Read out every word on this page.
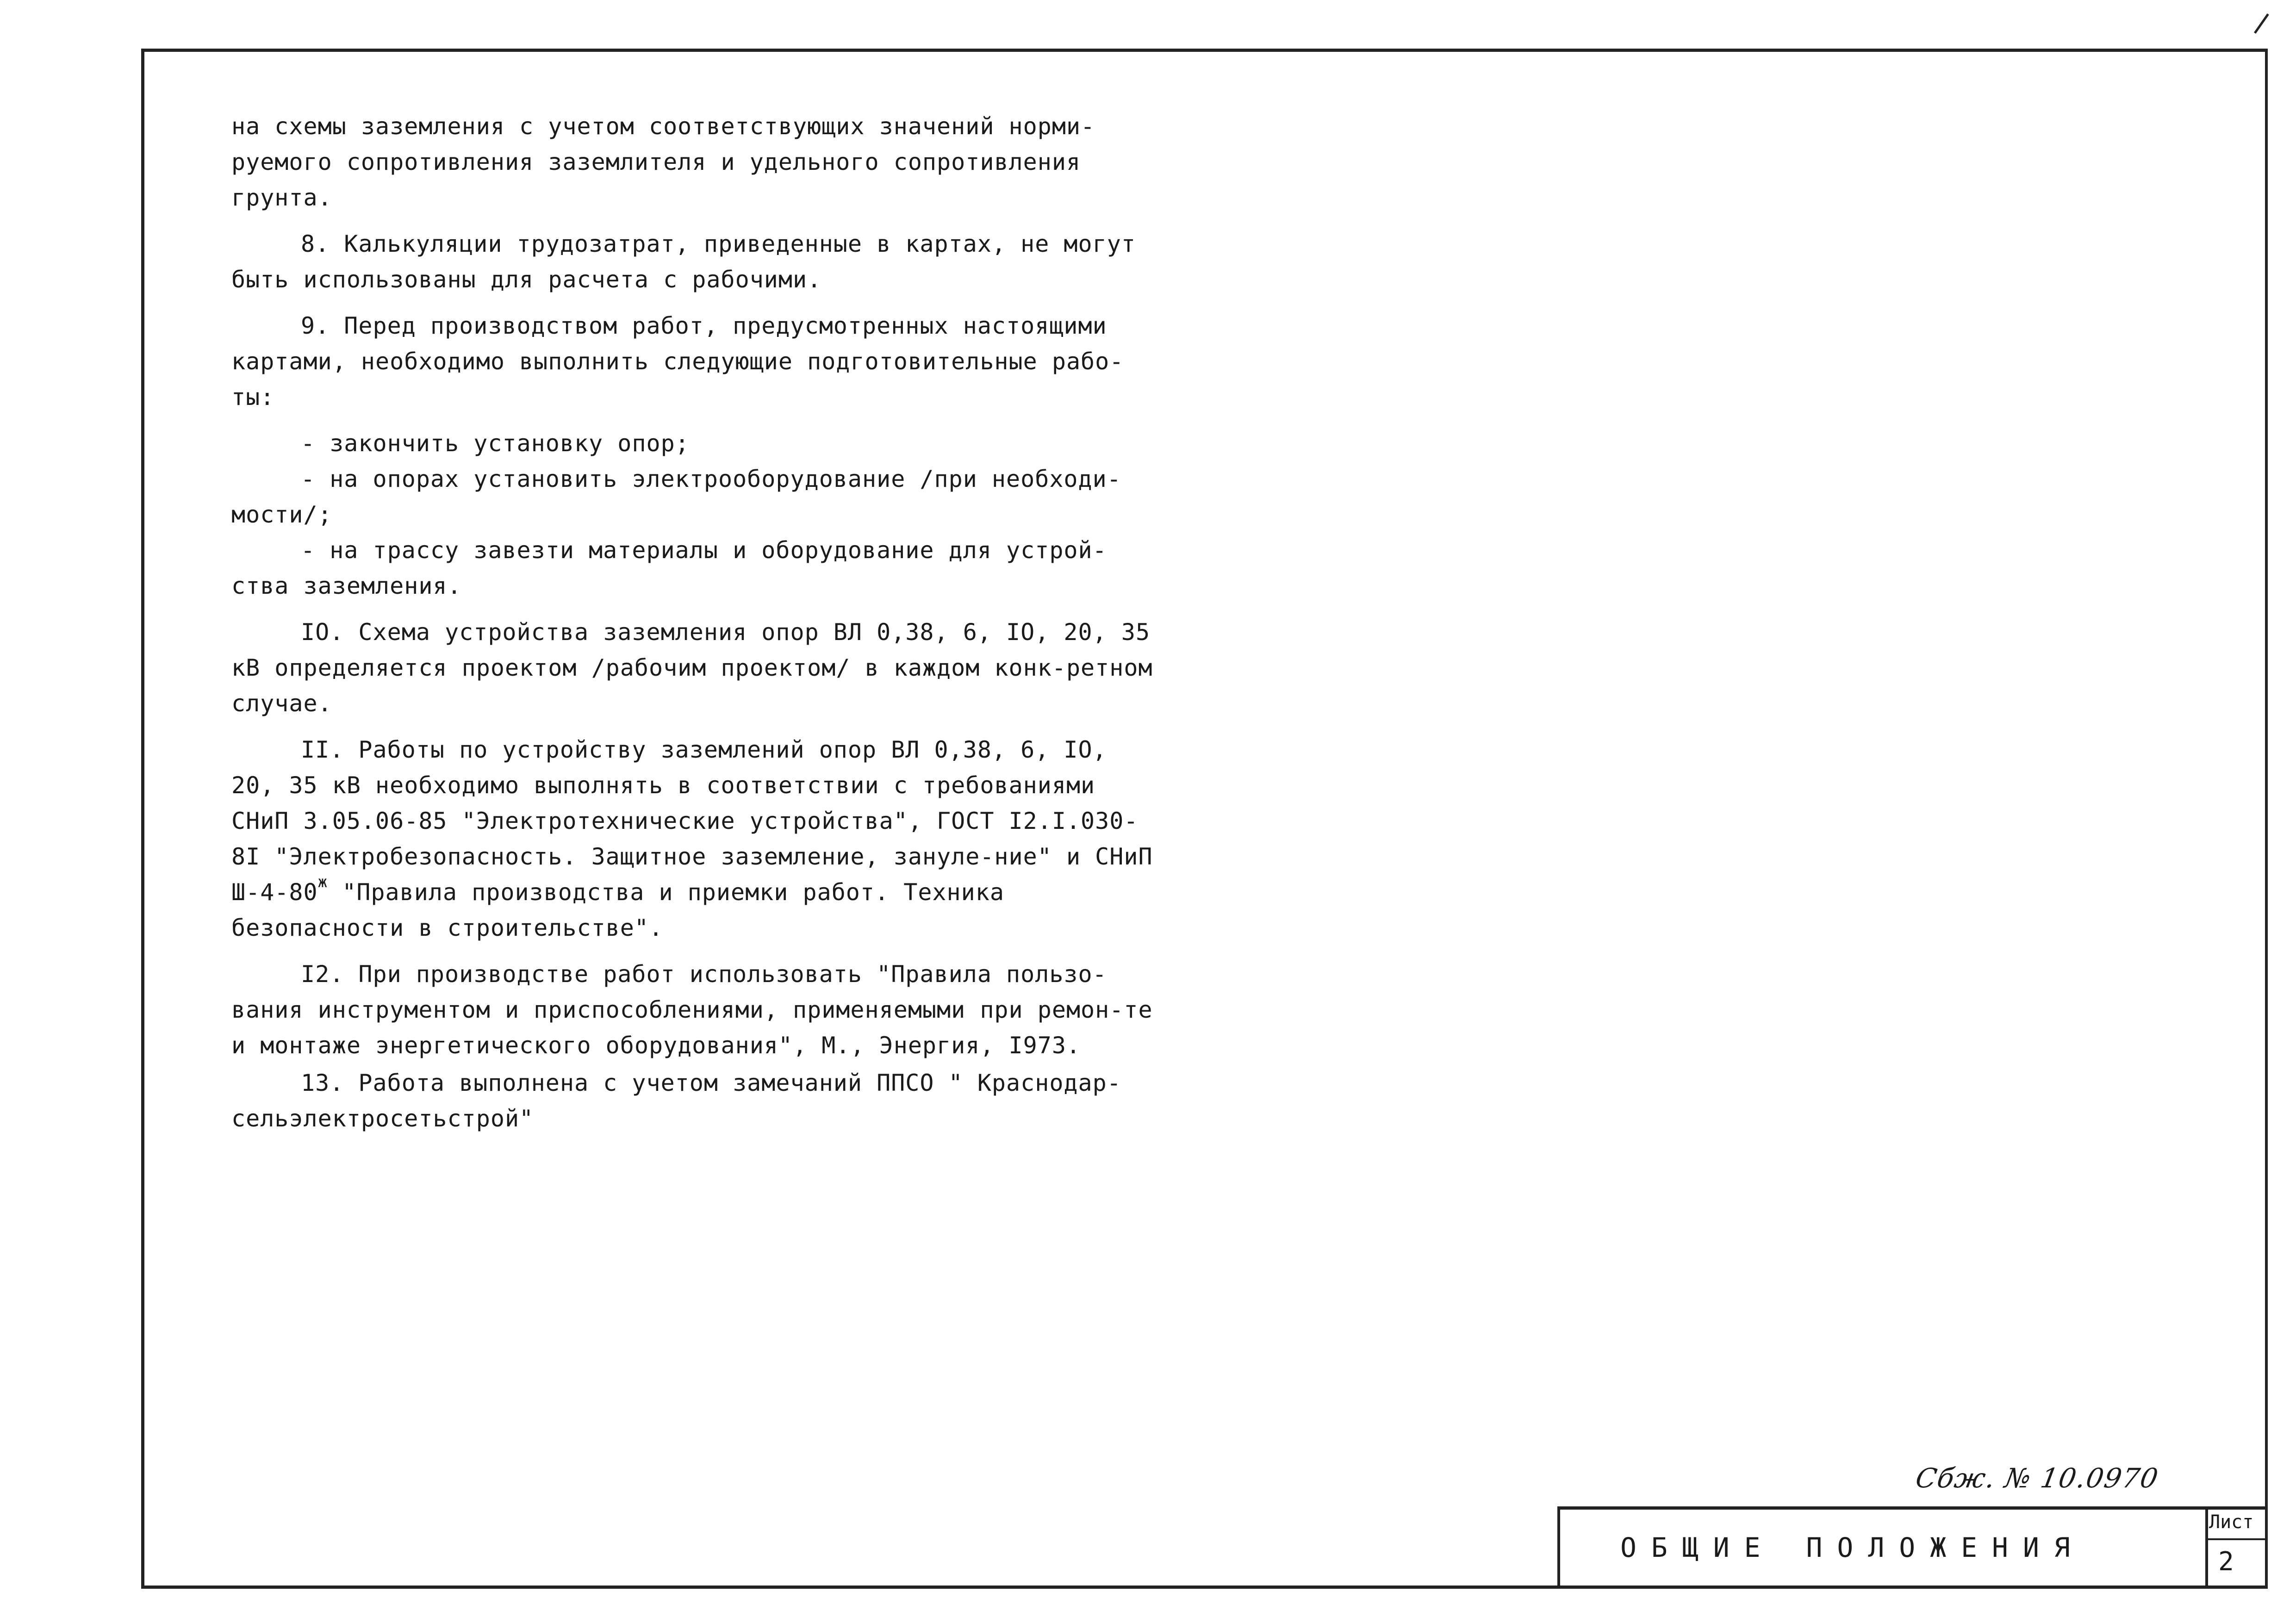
на схемы заземления с учетом соответствующих значений норми-руемого сопротивления заземлителя и удельного сопротивления грунта.

8. Калькуляции трудозатрат, приведенные в картах, не могут быть использованы для расчета с рабочими.

9. Перед производством работ, предусмотренных настоящими картами, необходимо выполнить следующие подготовительные рабо-ты:

- закончить установку опор;

- на опорах установить электрооборудование /при необходи-мости/;

- на трассу завезти материалы и оборудование для устрой-ства заземления.

IO. Схема устройства заземления опор ВЛ 0,38, 6, IO, 20, 35 кВ определяется проектом /рабочим проектом/ в каждом конк-ретном случае.

II. Работы по устройству заземлений опор ВЛ 0,38, 6, IO, 20, 35 кВ необходимо выполнять в соответствии с требованиями СНиП 3.05.06-85 "Электротехнические устройства", ГОСТ I2.I.030-8I "Электробезопасность. Защитное заземление, зануле-ние" и СНиП $Ш-4-80^ж$ "Правила производства и приемки работ. Техника безопасности в строительстве".

I2. При производстве работ использовать "Правила пользо-вания инструментом и приспособлениями, применяемыми при ремон-те и монтаже энергетического оборудования", М., Энергия, I973.

13. Работа выполнена с учетом замечаний ППСО " Краснодар-сельэлектросетьстрой"

Сбж. № 10.0970
ОБЩИЕ ПОЛОЖЕНИЯ
Лист
2
